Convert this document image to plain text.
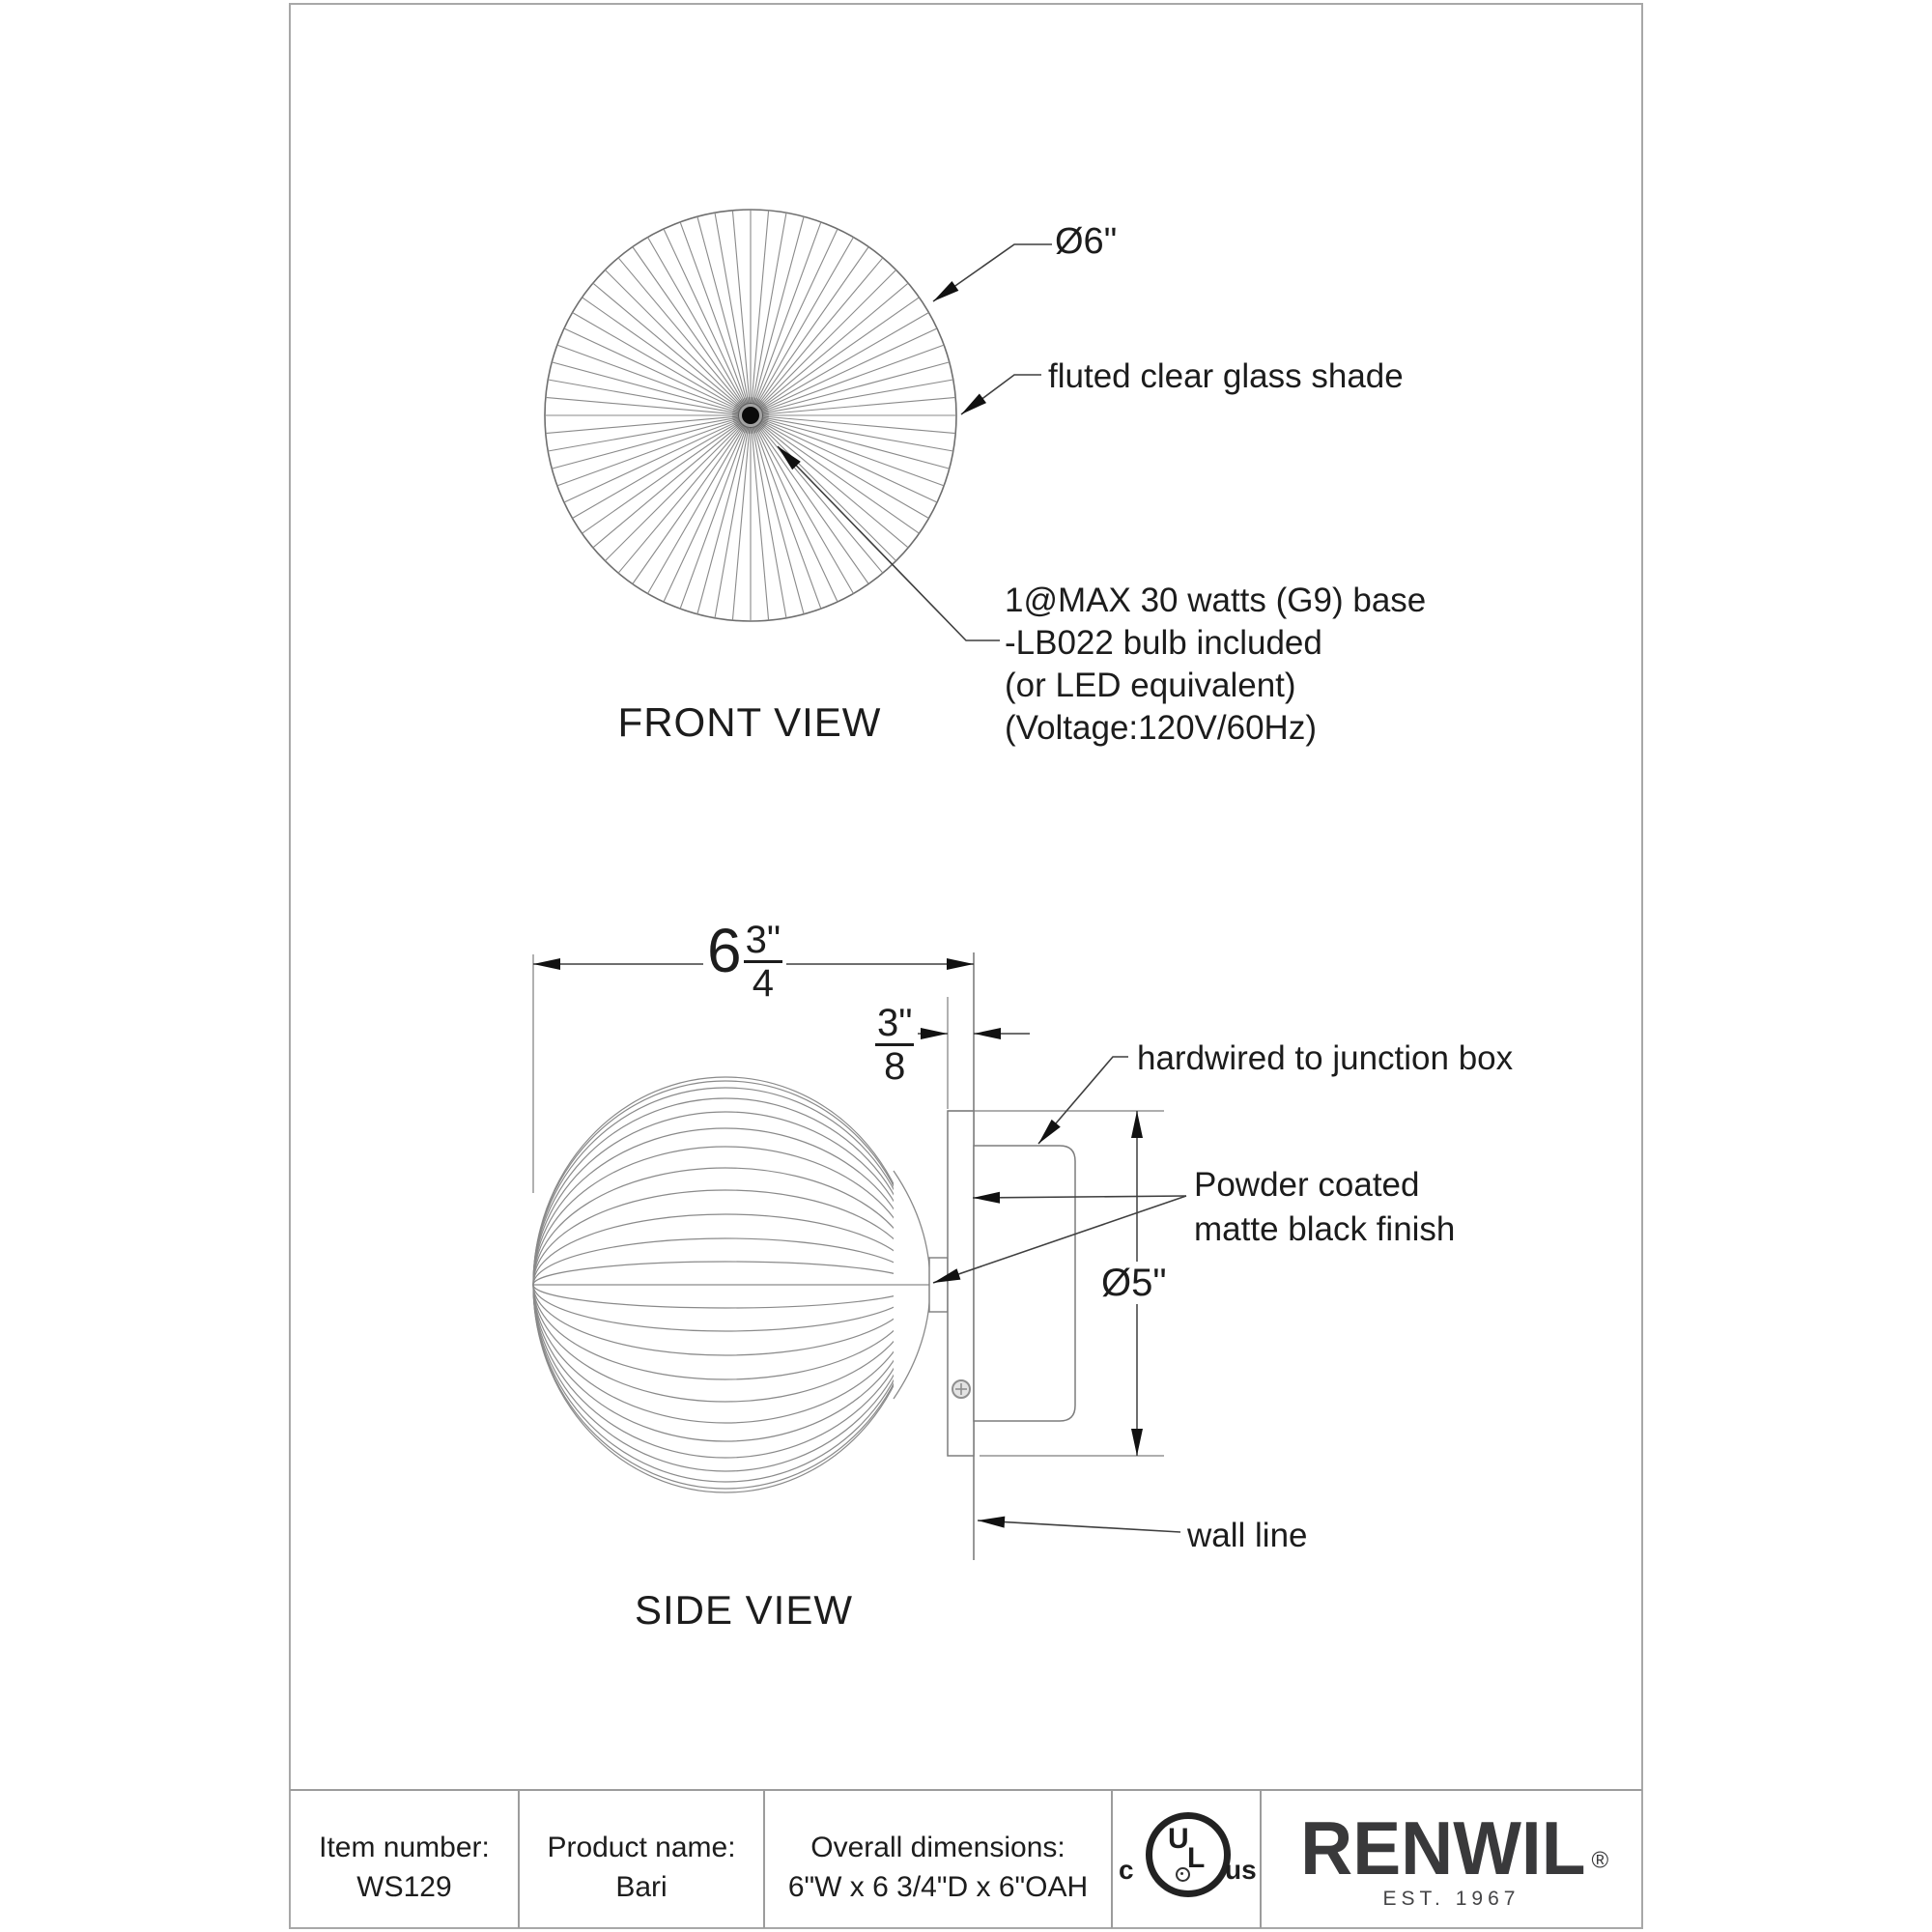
Ø6"
fluted clear glass shade
1@MAX 30 watts (G9) base
-LB022 bulb included
(or LED equivalent)
(Voltage:120V/60Hz)
FRONT VIEW
$6 \frac{3"}{4}$
$\frac{3"}{8}$	hardwired to junction box
Powder coated
matte black finish
Ø5"
wall line
SIDE VIEW
Item number:
WS129
Product name:
Bari
Overall dimensions:
6"W x 6 3/4"D x 6"OAH
U
L
c	us RENWIL ®
EST. 1967
